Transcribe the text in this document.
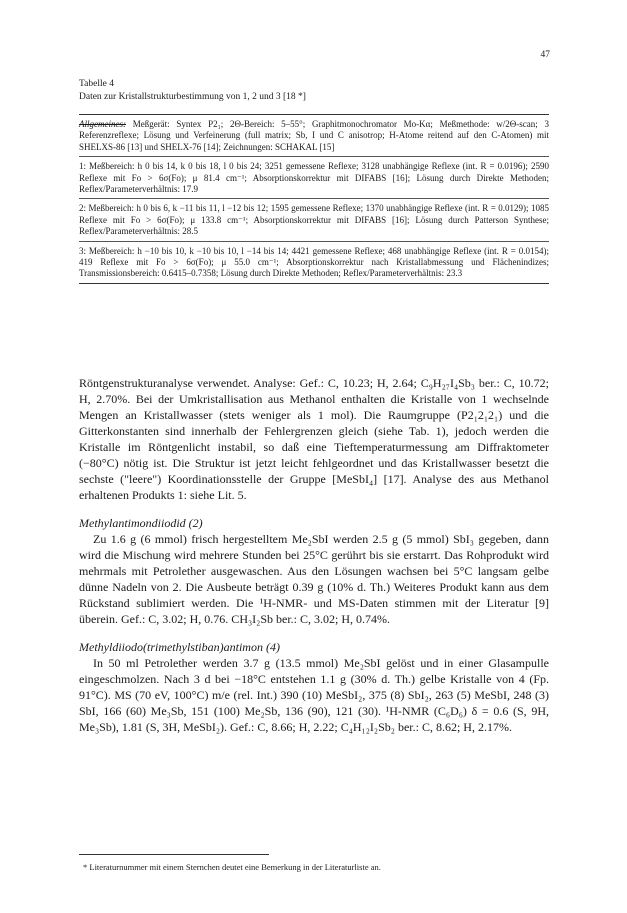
47
Tabelle 4
Daten zur Kristallstrukturbestimmung von 1, 2 und 3 [18 *]

Allgemeines: Meßgerät: Syntex P2₁; 2Θ-Bereich: 5–55°; Graphitmonochromator Mo-Kα; Meßmethode: w/2Θ-scan; 3 Referenzreflexe; Lösung und Verfeinerung (full matrix; Sb, I und C anisotrop; H-Atome reitend auf den C-Atomen) mit SHELXS-86 [13] und SHELX-76 [14]; Zeichnungen: SCHAKAL [15]

1: Meßbereich: h 0 bis 14, k 0 bis 18, l 0 bis 24; 3251 gemessene Reflexe; 3128 unabhängige Reflexe (int. R = 0.0196); 2590 Reflexe mit Fo > 6σ(Fo); μ 81.4 cm⁻¹; Absorptionskorrektur mit DIFABS [16]; Lösung durch Direkte Methoden; Reflex/Parameterverhältnis: 17.9

2: Meßbereich: h 0 bis 6, k −11 bis 11, l −12 bis 12; 1595 gemessene Reflexe; 1370 unabhängige Reflexe (int. R = 0.0129); 1085 Reflexe mit Fo > 6σ(Fo); μ 133.8 cm⁻¹; Absorptionskorrektur mit DIFABS [16]; Lösung durch Patterson Synthese; Reflex/Parameterverhältnis: 28.5

3: Meßbereich: h −10 bis 10, k −10 bis 10, l −14 bis 14; 4421 gemessene Reflexe; 468 unabhängige Reflexe (int. R = 0.0154); 419 Reflexe mit Fo > 6σ(Fo); μ 55.0 cm⁻¹; Absorptionskorrektur nach Kristallabmessung und Flächenindizes; Transmissionsbereich: 0.6415–0.7358; Lösung durch Direkte Methoden; Reflex/Parameterverhältnis: 23.3

Röntgenstrukturanalyse verwendet. Analyse: Gef.: C, 10.23; H, 2.64; C₉H₂₇I₄Sb₃ ber.: C, 10.72; H, 2.70%. Bei der Umkristallisation aus Methanol enthalten die Kristalle von 1 wechselnde Mengen an Kristallwasser (stets weniger als 1 mol). Die Raumgruppe (P2₁2₁2₁) und die Gitterkonstanten sind innerhalb der Fehlergrenzen gleich (siehe Tab. 1), jedoch werden die Kristalle im Röntgenlicht instabil, so daß eine Tieftemperaturmessung am Diffraktometer (−80°C) nötig ist. Die Struktur ist jetzt leicht fehlgeordnet und das Kristallwasser besetzt die sechste ("leere") Koordinationsstelle der Gruppe [MeSbI₄] [17]. Analyse des aus Methanol erhaltenen Produkts 1: siehe Lit. 5.

Methylantimondiiodid (2)

Zu 1.6 g (6 mmol) frisch hergestelltem Me₂SbI werden 2.5 g (5 mmol) SbI₃ gegeben, dann wird die Mischung wird mehrere Stunden bei 25°C gerührt bis sie erstarrt. Das Rohprodukt wird mehrmals mit Petrolether ausgewaschen. Aus den Lösungen wachsen bei 5°C langsam gelbe dünne Nadeln von 2. Die Ausbeute beträgt 0.39 g (10% d. Th.) Weiteres Produkt kann aus dem Rückstand sublimiert werden. Die ¹H-NMR- und MS-Daten stimmen mit der Literatur [9] überein. Gef.: C, 3.02; H, 0.76. CH₃I₂Sb ber.: C, 3.02; H, 0.74%.

Methyldiiodo(trimethylstiban)antimon (4)

In 50 ml Petrolether werden 3.7 g (13.5 mmol) Me₂SbI gelöst und in einer Glasampulle eingeschmolzen. Nach 3 d bei −18°C entstehen 1.1 g (30% d. Th.) gelbe Kristalle von 4 (Fp. 91°C). MS (70 eV, 100°C) m/e (rel. Int.) 390 (10) MeSbI₂, 375 (8) SbI₂, 263 (5) MeSbI, 248 (3) SbI, 166 (60) Me₃Sb, 151 (100) Me₂Sb, 136 (90), 121 (30). ¹H-NMR (C₆D₆) δ = 0.6 (S, 9H, Me₃Sb), 1.81 (S, 3H, MeSbI₂). Gef.: C, 8.66; H, 2.22; C₄H₁₂I₂Sb₂ ber.: C, 8.62; H, 2.17%.

* Literaturnummer mit einem Sternchen deutet eine Bemerkung in der Literaturliste an.
